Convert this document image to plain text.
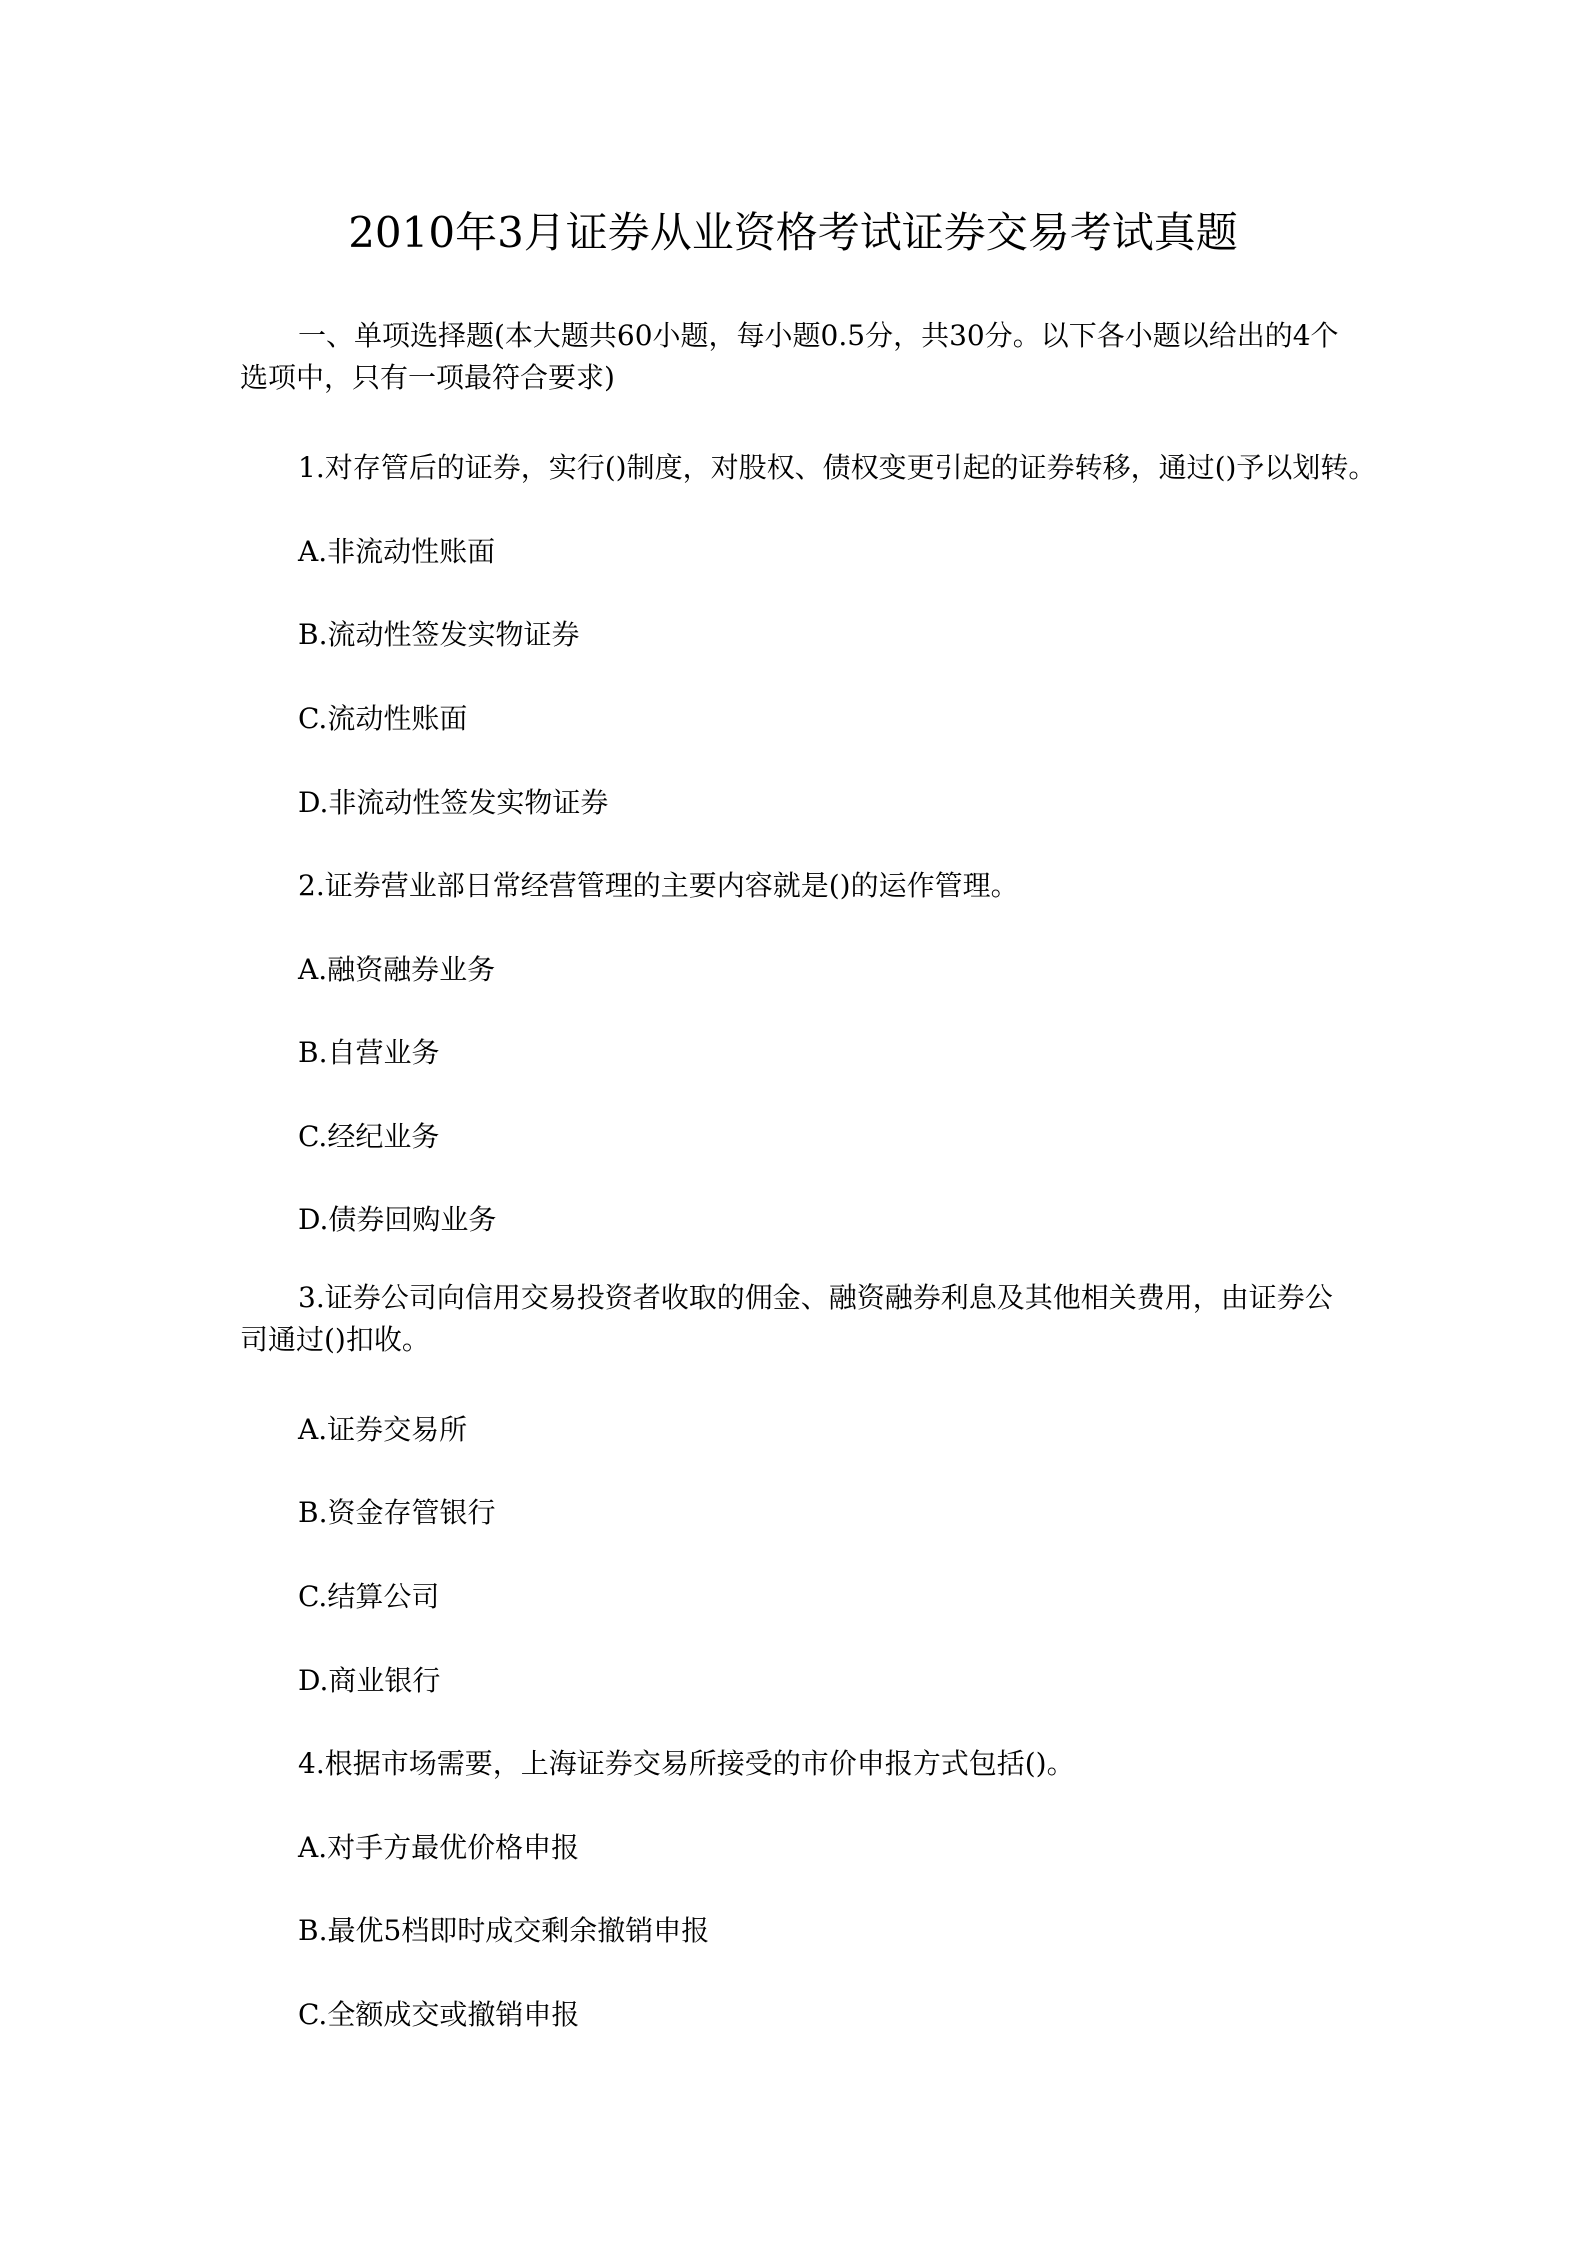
2010年3月证券从业资格考试证券交易考试真题
一、单项选择题(本大题共60小题，每小题0.5分，共30分。以下各小题以给出的4个选项中，只有一项最符合要求)
1.对存管后的证券，实行()制度，对股权、债权变更引起的证券转移，通过()予以划转。
A.非流动性账面
B.流动性签发实物证券
C.流动性账面
D.非流动性签发实物证券
2.证券营业部日常经营管理的主要内容就是()的运作管理。
A.融资融券业务
B.自营业务
C.经纪业务
D.债券回购业务
3.证券公司向信用交易投资者收取的佣金、融资融券利息及其他相关费用，由证券公司通过()扣收。
A.证券交易所
B.资金存管银行
C.结算公司
D.商业银行
4.根据市场需要，上海证券交易所接受的市价申报方式包括()。
A.对手方最优价格申报
B.最优5档即时成交剩余撤销申报
C.全额成交或撤销申报
